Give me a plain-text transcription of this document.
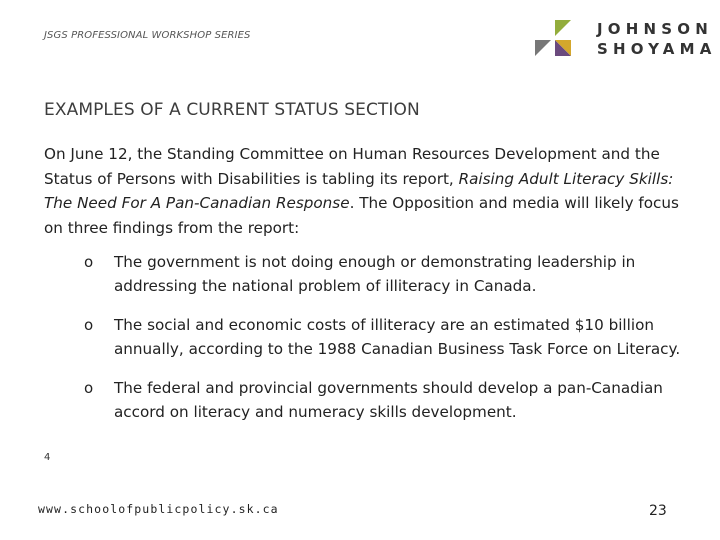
JSGS PROFESSIONAL WORKSHOP SERIES	JOHNSON
SHOYAMA
EXAMPLES OF A CURRENT STATUS SECTION

On June 12, the Standing Committee on Human Resources Development and the Status of Persons with Disabilities is tabling its report, Raising Adult Literacy Skills: The Need For A Pan-Canadian Response. The Opposition and media will likely focus on three findings from the report:

o The government is not doing enough or demonstrating leadership in addressing the national problem of illiteracy in Canada.
o The social and economic costs of illiteracy are an estimated $10 billion annually, according to the 1988 Canadian Business Task Force on Literacy.
o The federal and provincial governments should develop a pan-Canadian accord on literacy and numeracy skills development.
4
www.schoolofpublicpolicy.sk.ca	23
